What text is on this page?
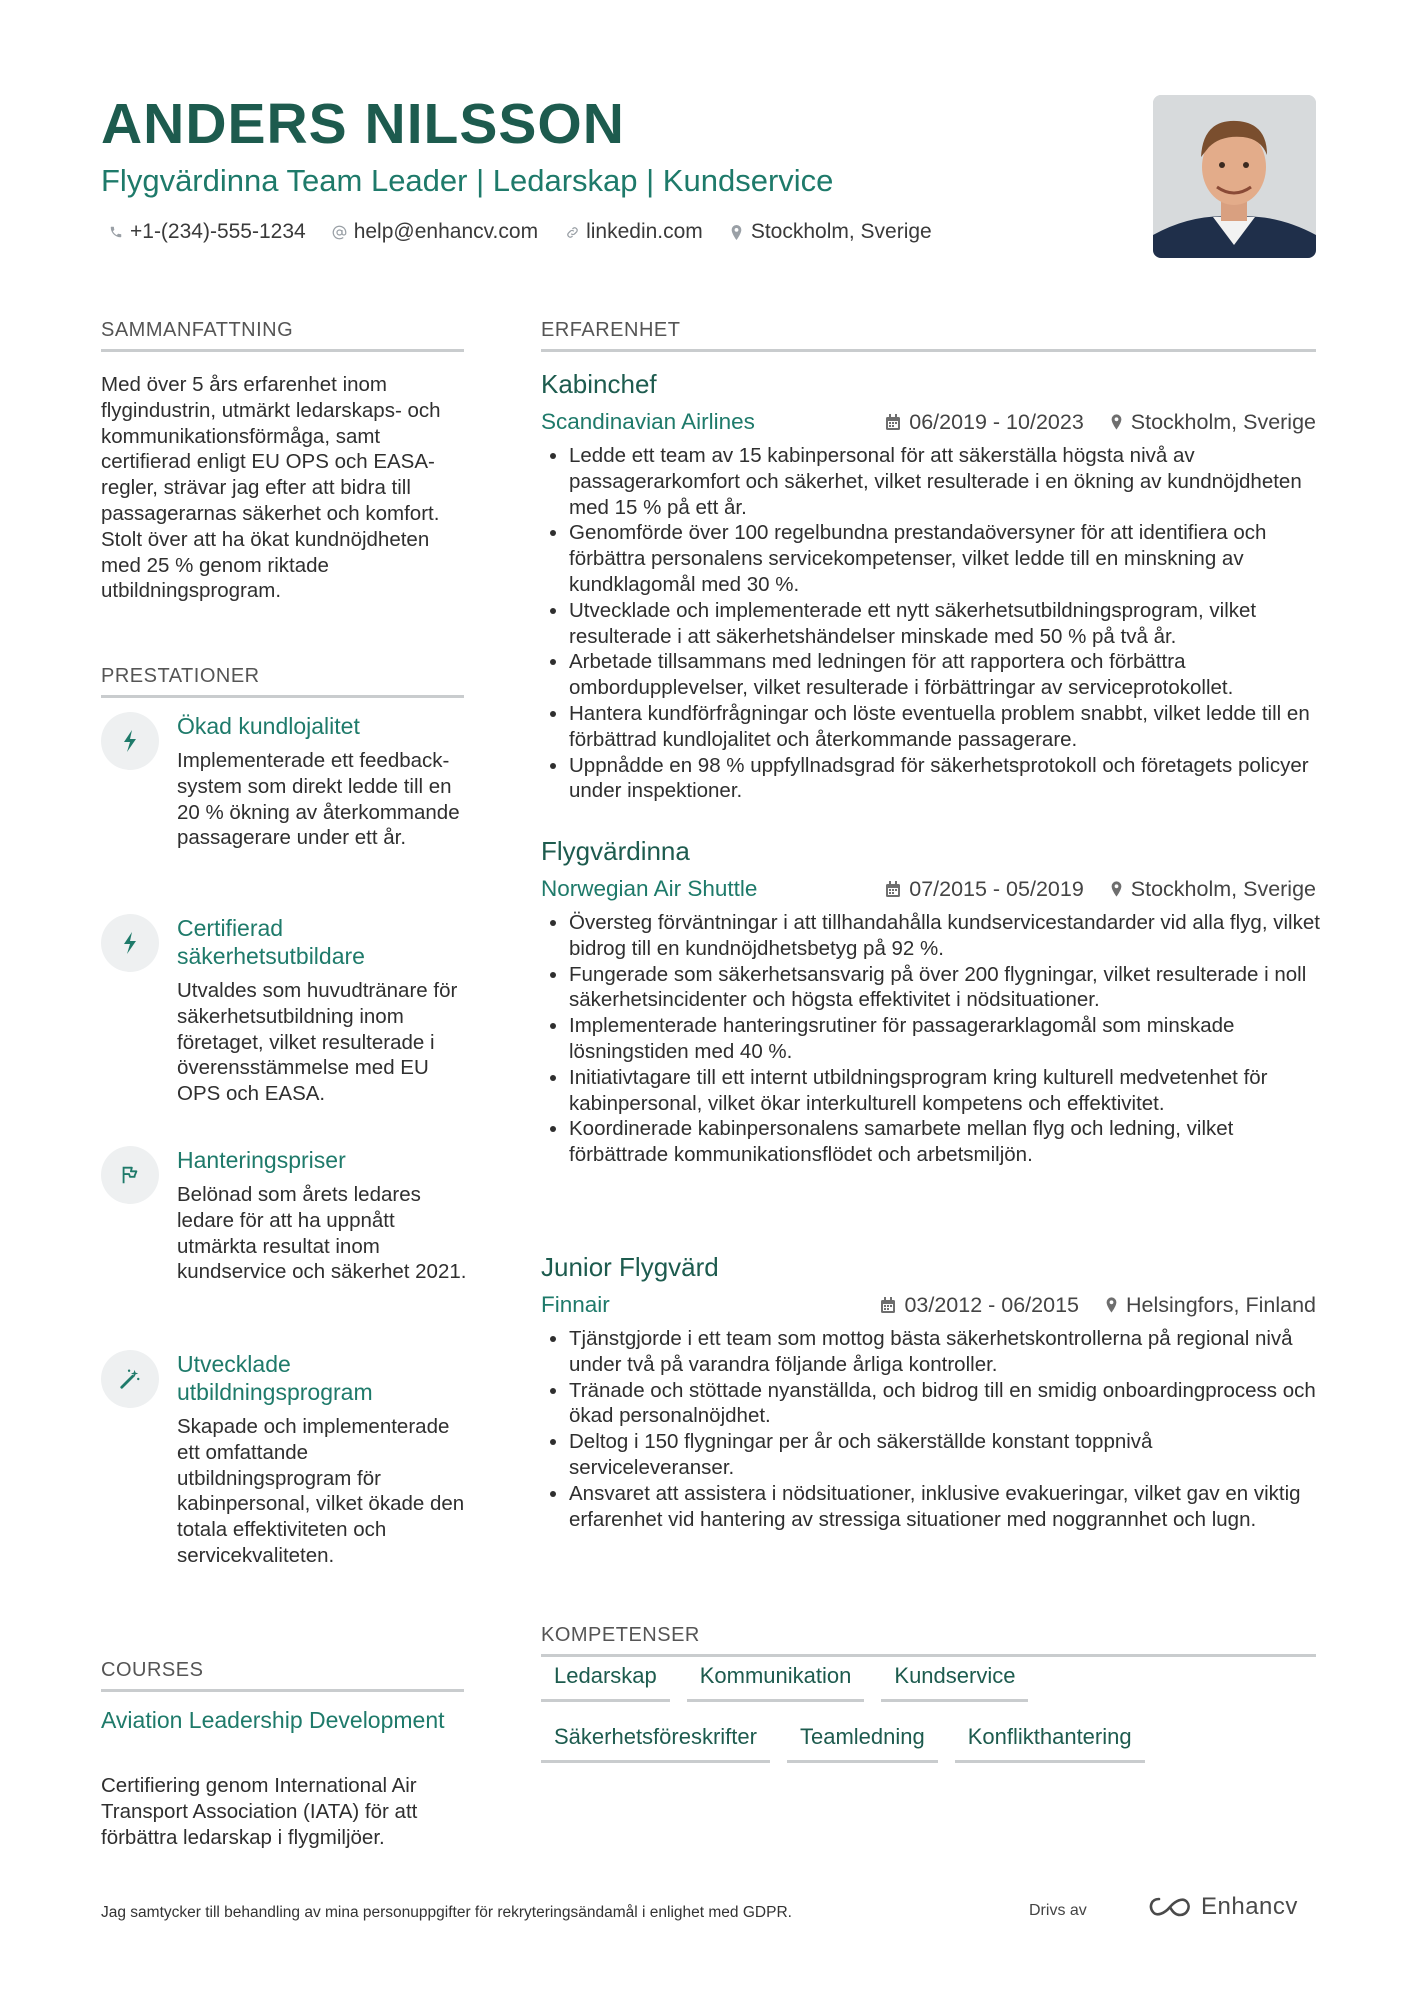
ANDERS NILSSON
Flygvärdinna Team Leader | Ledarskap | Kundservice
+1-(234)-555-1234 help@enhancv.com linkedin.com Stockholm, Sverige
SAMMANFATTNING
Med över 5 års erfarenhet inom flygindustrin, utmärkt ledarskaps- och kommunikationsförmåga, samt certifierad enligt EU OPS och EASA-regler, strävar jag efter att bidra till passagerarnas säkerhet och komfort. Stolt över att ha ökat kundnöjdheten med 25 % genom riktade utbildningsprogram.
PRESTATIONER
Ökad kundlojalitet
Implementerade ett feedback-system som direkt ledde till en 20 % ökning av återkommande passagerare under ett år.
Certifierad säkerhetsutbildare
Utvaldes som huvudtränare för säkerhetsutbildning inom företaget, vilket resulterade i överensstämmelse med EU OPS och EASA.
Hanteringspriser
Belönad som årets ledares ledare för att ha uppnått utmärkta resultat inom kundservice och säkerhet 2021.
Utvecklade utbildningsprogram
Skapade och implementerade ett omfattande utbildningsprogram för kabinpersonal, vilket ökade den totala effektiviteten och servicekvaliteten.
COURSES
Aviation Leadership Development
Certifiering genom International Air Transport Association (IATA) för att förbättra ledarskap i flygmiljöer.
ERFARENHET
Kabinchef
Scandinavian Airlines	06/2019 - 10/2023 Stockholm, Sverige
Ledde ett team av 15 kabinpersonal för att säkerställa högsta nivå av passagerarkomfort och säkerhet, vilket resulterade i en ökning av kundnöjdheten med 15 % på ett år.
Genomförde över 100 regelbundna prestandaöversyner för att identifiera och förbättra personalens servicekompetenser, vilket ledde till en minskning av kundklagomål med 30 %.
Utvecklade och implementerade ett nytt säkerhetsutbildningsprogram, vilket resulterade i att säkerhetshändelser minskade med 50 % på två år.
Arbetade tillsammans med ledningen för att rapportera och förbättra ombordupplevelser, vilket resulterade i förbättringar av serviceprotokollet.
Hantera kundförfrågningar och löste eventuella problem snabbt, vilket ledde till en förbättrad kundlojalitet och återkommande passagerare.
Uppnådde en 98 % uppfyllnadsgrad för säkerhetsprotokoll och företagets policyer under inspektioner.
Flygvärdinna
Norwegian Air Shuttle	07/2015 - 05/2019 Stockholm, Sverige
Översteg förväntningar i att tillhandahålla kundservicestandarder vid alla flyg, vilket bidrog till en kundnöjdhetsbetyg på 92 %.
Fungerade som säkerhetsansvarig på över 200 flygningar, vilket resulterade i noll säkerhetsincidenter och högsta effektivitet i nödsituationer.
Implementerade hanteringsrutiner för passagerarklagomål som minskade lösningstiden med 40 %.
Initiativtagare till ett internt utbildningsprogram kring kulturell medvetenhet för kabinpersonal, vilket ökar interkulturell kompetens och effektivitet.
Koordinerade kabinpersonalens samarbete mellan flyg och ledning, vilket förbättrade kommunikationsflödet och arbetsmiljön.
Junior Flygvärd
Finnair	03/2012 - 06/2015 Helsingfors, Finland
Tjänstgjorde i ett team som mottog bästa säkerhetskontrollerna på regional nivå under två på varandra följande årliga kontroller.
Tränade och stöttade nyanställda, och bidrog till en smidig onboardingprocess och ökad personalnöjdhet.
Deltog i 150 flygningar per år och säkerställde konstant toppnivå serviceleveranser.
Ansvaret att assistera i nödsituationer, inklusive evakueringar, vilket gav en viktig erfarenhet vid hantering av stressiga situationer med noggrannhet och lugn.
KOMPETENSER
Ledarskap	Kommunikation	Kundservice
Säkerhetsföreskrifter	Teamledning	Konflikthantering
Jag samtycker till behandling av mina personuppgifter för rekryteringsändamål i enlighet med GDPR.	Drivs av	Enhancv
